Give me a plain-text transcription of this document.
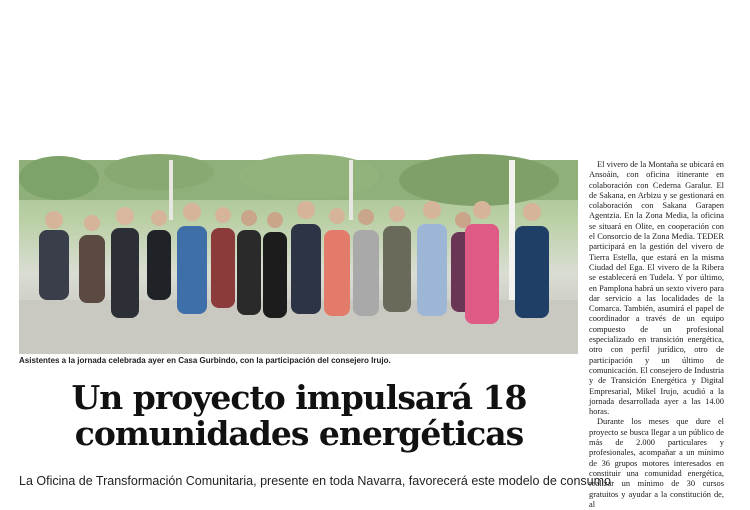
Asistentes a la jornada celebrada ayer en Casa Gurbindo, con la participación del consejero Irujo.
Un proyecto impulsará 18
comunidades energéticas

La Oficina de Transformación Comunitaria, presente en toda Navarra, favorecerá este modelo de consumo

El vivero de la Montaña se ubicará en Ansoáin, con oficina itinerante en colaboración con Cederna Garalur. El de Sakana, en Arbizu y se gestionará en colaboración con Sakana Garapen Agentzia. En la Zona Media, la oficina se situará en Olite, en cooperación con el Consorcio de la Zona Media. TEDER participará en la gestión del vivero de Tierra Estella, que estará en la misma Ciudad del Ega. El vivero de la Ribera se establecerá en Tudela. Y por último, en Pamplona habrá un sexto vivero para dar servicio a las localidades de la Comarca. También, asumirá el papel de coordinador a través de un equipo compuesto de un profesional especializado en transición energética, otro con perfil jurídico, otro de participación y un último de comunicación. El consejero de Industria y de Transición Energética y Digital Empresarial, Mikel Irujo, acudió a la jornada desarrollada ayer a las 14.00 horas.

Durante los meses que dure el proyecto se busca llegar a un público de más de 2.000 particulares y profesionales, acompañar a un mínimo de 36 grupos motores interesados en constituir una comunidad energética, realizar un mínimo de 30 cursos gratuitos y ayudar a la constitución de, al
